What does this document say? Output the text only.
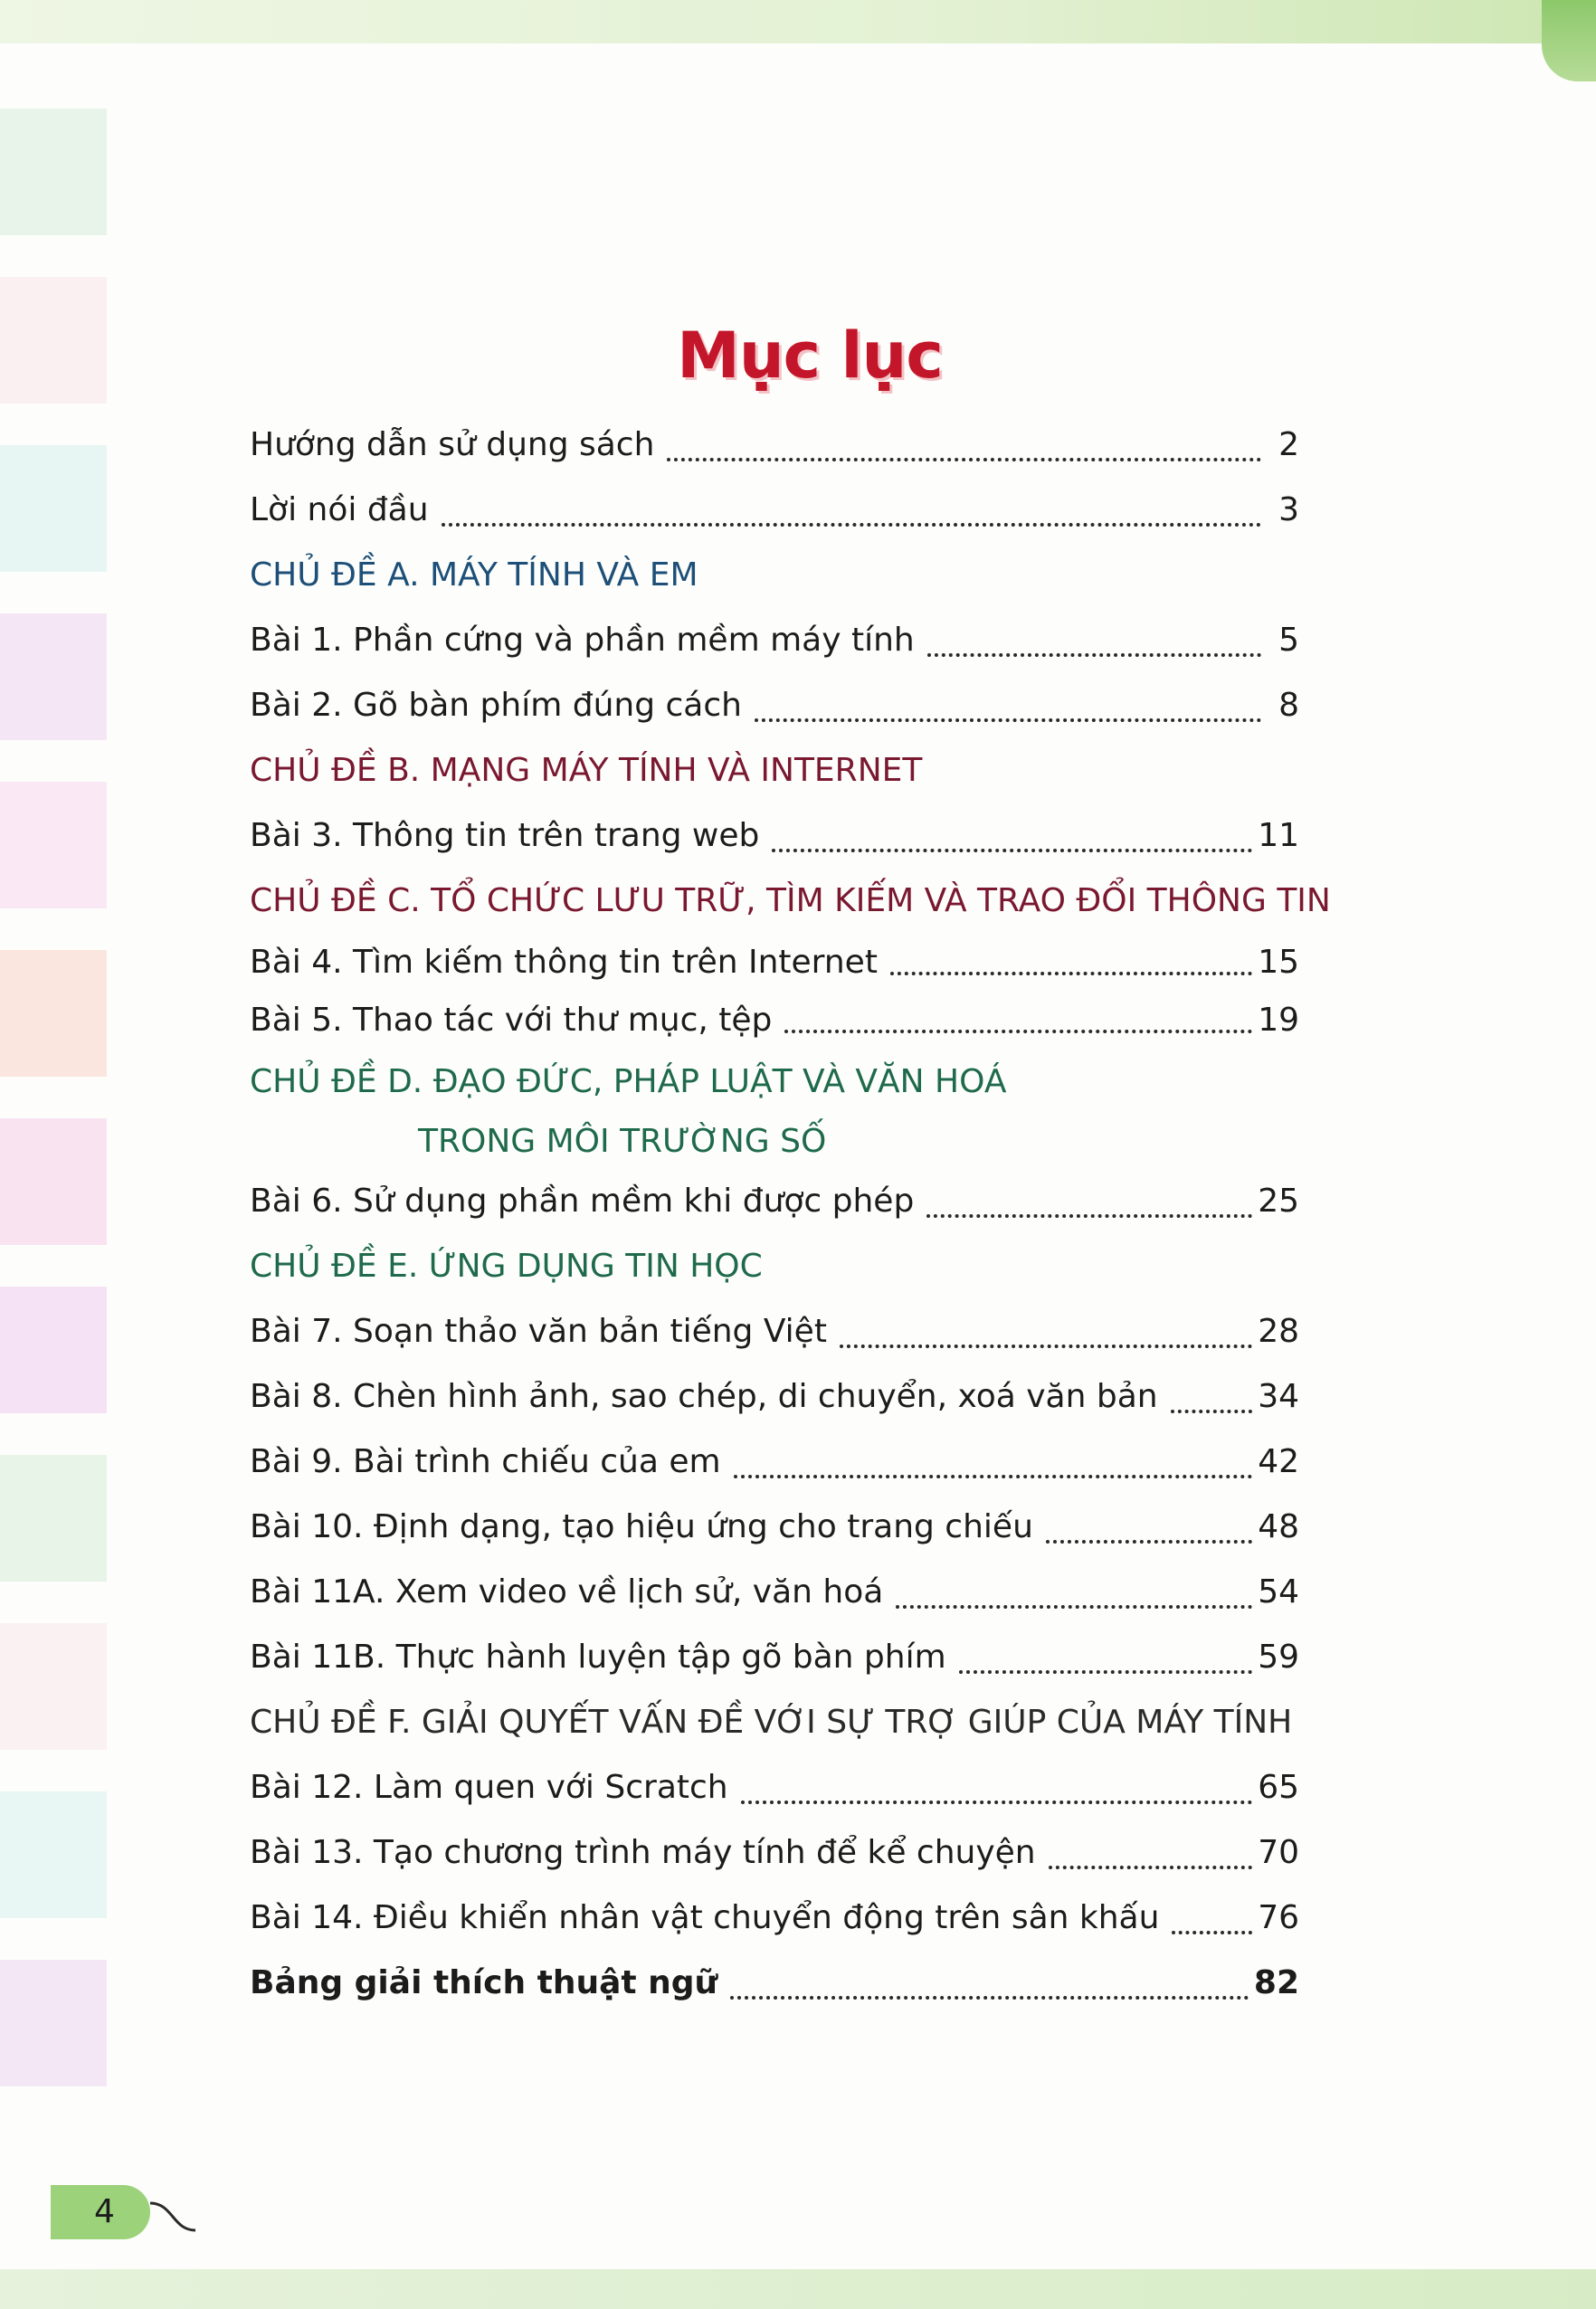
4
Mục lục
Hướng dẫn sử dụng sách	2
Lời nói đầu	3
CHỦ ĐỀ A. MÁY TÍNH VÀ EM
Bài 1. Phần cứng và phần mềm máy tính	5
Bài 2. Gõ bàn phím đúng cách	8
CHỦ ĐỀ B. MẠNG MÁY TÍNH VÀ INTERNET
Bài 3. Thông tin trên trang web	11
CHỦ ĐỀ C. TỔ CHỨC LƯU TRỮ, TÌM KIẾM VÀ TRAO ĐỔI THÔNG TIN
Bài 4. Tìm kiếm thông tin trên Internet	15
Bài 5. Thao tác với thư mục, tệp	19
CHỦ ĐỀ D. ĐẠO ĐỨC, PHÁP LUẬT VÀ VĂN HOÁ
TRONG MÔI TRƯỜNG SỐ
Bài 6. Sử dụng phần mềm khi được phép	25
CHỦ ĐỀ E. ỨNG DỤNG TIN HỌC
Bài 7. Soạn thảo văn bản tiếng Việt	28
Bài 8. Chèn hình ảnh, sao chép, di chuyển, xoá văn bản	34
Bài 9. Bài trình chiếu của em	42
Bài 10. Định dạng, tạo hiệu ứng cho trang chiếu	48
Bài 11A. Xem video về lịch sử, văn hoá	54
Bài 11B. Thực hành luyện tập gõ bàn phím	59
CHỦ ĐỀ F. GIẢI QUYẾT VẤN ĐỀ VỚI SỰ TRỢ GIÚP CỦA MÁY TÍNH
Bài 12. Làm quen với Scratch	65
Bài 13. Tạo chương trình máy tính để kể chuyện	70
Bài 14. Điều khiển nhân vật chuyển động trên sân khấu	76
Bảng giải thích thuật ngữ	82
